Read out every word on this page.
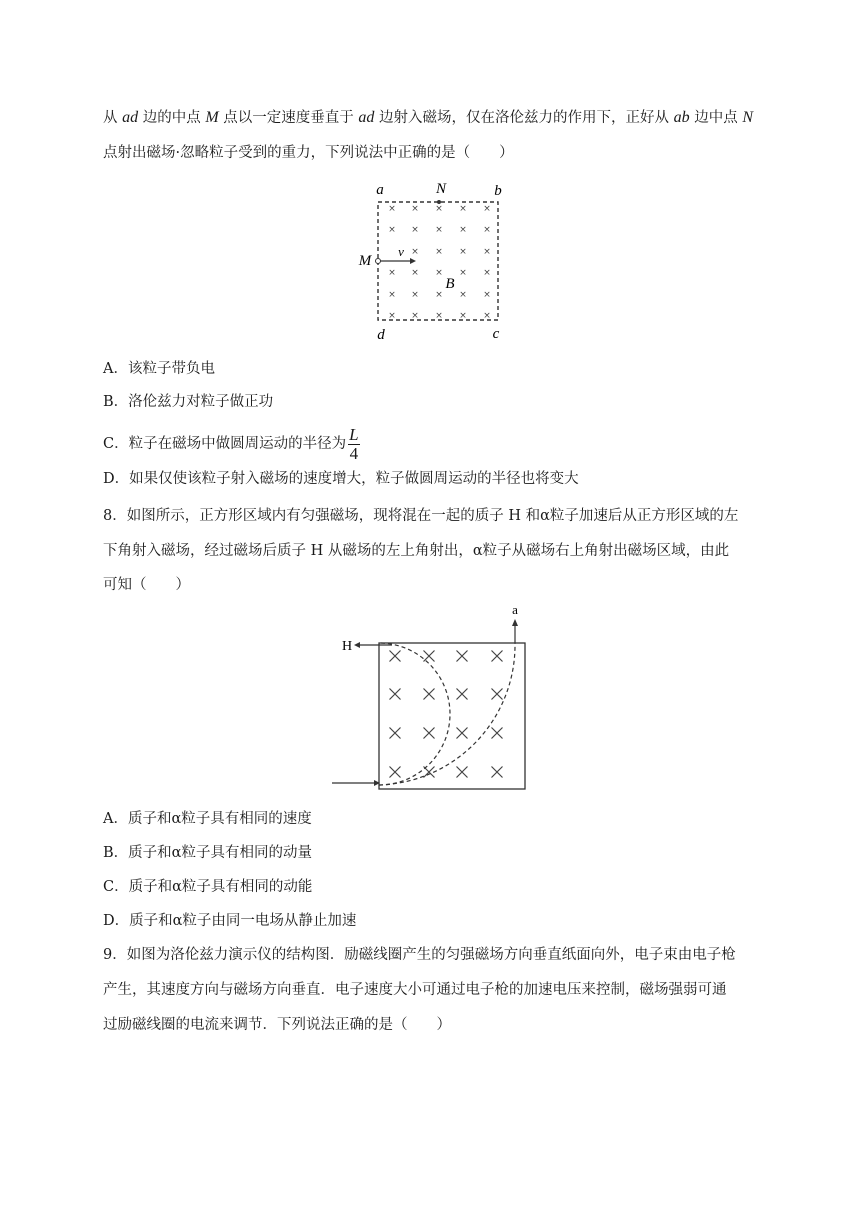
从 ad 边的中点 M 点以一定速度垂直于 ad 边射入磁场，仅在洛伦兹力的作用下，正好从 ab 边中点 N
点射出磁场·忽略粒子受到的重力，下列说法中正确的是（　　）
× × × × ×
× × × × ×
× × × ×
× × × × ×
× × × × ×
× × × × ×
a	b
c
d
N
M
v
B
A．该粒子带负电
B．洛伦兹力对粒子做正功
C．粒子在磁场中做圆周运动的半径为 $\frac{L}{4}$
D．如果仅使该粒子射入磁场的速度增大，粒子做圆周运动的半径也将变大
8．如图所示，正方形区域内有匀强磁场，现将混在一起的质子 H 和α粒子加速后从正方形区域的左
下角射入磁场，经过磁场后质子 H 从磁场的左上角射出，α粒子从磁场右上角射出磁场区域，由此
可知（　　）
H
a
A．质子和α粒子具有相同的速度
B．质子和α粒子具有相同的动量
C．质子和α粒子具有相同的动能
D．质子和α粒子由同一电场从静止加速
9．如图为洛伦兹力演示仪的结构图．励磁线圈产生的匀强磁场方向垂直纸面向外，电子束由电子枪
产生，其速度方向与磁场方向垂直．电子速度大小可通过电子枪的加速电压来控制，磁场强弱可通
过励磁线圈的电流来调节．下列说法正确的是（　　）
